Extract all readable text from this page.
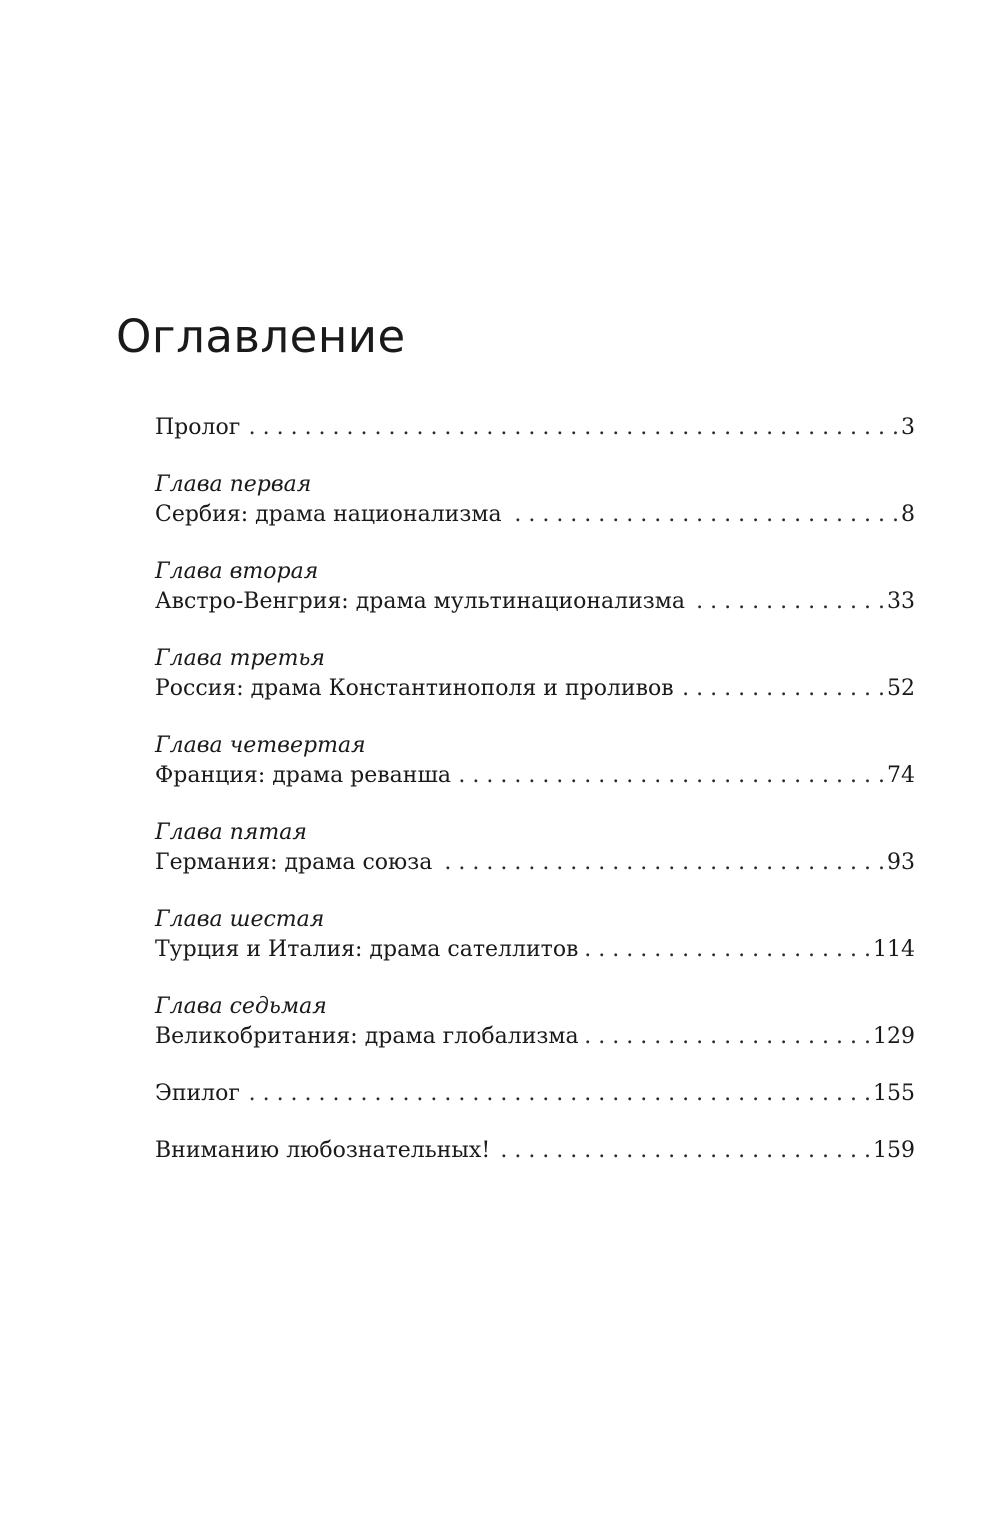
Оглавление
Пролог . . .	3
Глава первая
Сербия: драма национализма . . .	8
Глава вторая
Австро-Венгрия: драма мультинационализма . . .	33
Глава третья
Россия: драма Константинополя и проливов . . .	52
Глава четвертая
Франция: драма реванша . . .	74
Глава пятая
Германия: драма союза . . .	93
Глава шестая
Турция и Италия: драма сателлитов . . .	114
Глава седьмая
Великобритания: драма глобализма . . .	129
Эпилог . . .	155
Вниманию любознательных! . . .	159
